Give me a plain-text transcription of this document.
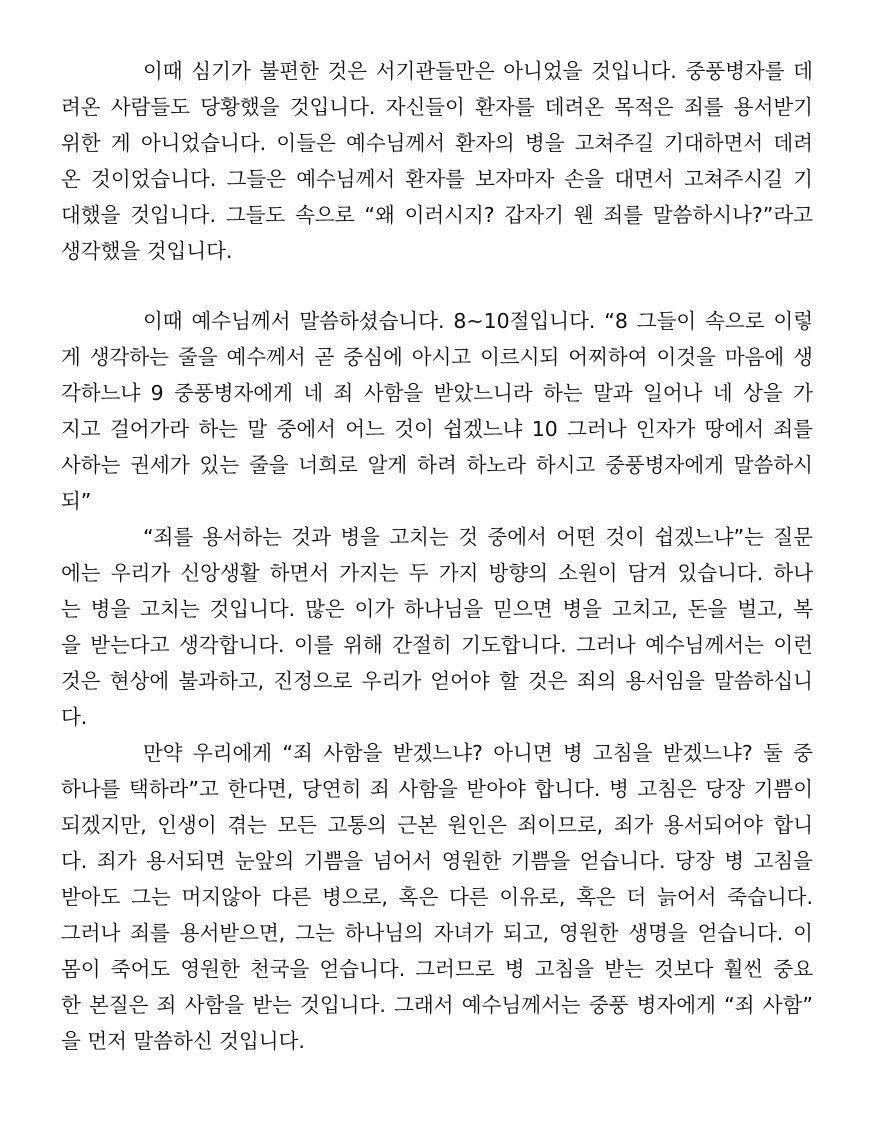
이때 심기가 불편한 것은 서기관들만은 아니었을 것입니다. 중풍병자를 데
려온 사람들도 당황했을 것입니다. 자신들이 환자를 데려온 목적은 죄를 용서받기
위한 게 아니었습니다. 이들은 예수님께서 환자의 병을 고쳐주길 기대하면서 데려
온 것이었습니다. 그들은 예수님께서 환자를 보자마자 손을 대면서 고쳐주시길 기
대했을 것입니다. 그들도 속으로 “왜 이러시지? 갑자기 웬 죄를 말씀하시나?”라고
생각했을 것입니다.
이때 예수님께서 말씀하셨습니다. 8~10절입니다. “8 그들이 속으로 이렇
게 생각하는 줄을 예수께서 곧 중심에 아시고 이르시되 어찌하여 이것을 마음에 생
각하느냐 9 중풍병자에게 네 죄 사함을 받았느니라 하는 말과 일어나 네 상을 가
지고 걸어가라 하는 말 중에서 어느 것이 쉽겠느냐 10 그러나 인자가 땅에서 죄를
사하는 권세가 있는 줄을 너희로 알게 하려 하노라 하시고 중풍병자에게 말씀하시
되”
“죄를 용서하는 것과 병을 고치는 것 중에서 어떤 것이 쉽겠느냐”는 질문
에는 우리가 신앙생활 하면서 가지는 두 가지 방향의 소원이 담겨 있습니다. 하나
는 병을 고치는 것입니다. 많은 이가 하나님을 믿으면 병을 고치고, 돈을 벌고, 복
을 받는다고 생각합니다. 이를 위해 간절히 기도합니다. 그러나 예수님께서는 이런
것은 현상에 불과하고, 진정으로 우리가 얻어야 할 것은 죄의 용서임을 말씀하십니
다.
만약 우리에게 “죄 사함을 받겠느냐? 아니면 병 고침을 받겠느냐? 둘 중
하나를 택하라”고 한다면, 당연히 죄 사함을 받아야 합니다. 병 고침은 당장 기쁨이
되겠지만, 인생이 겪는 모든 고통의 근본 원인은 죄이므로, 죄가 용서되어야 합니
다. 죄가 용서되면 눈앞의 기쁨을 넘어서 영원한 기쁨을 얻습니다. 당장 병 고침을
받아도 그는 머지않아 다른 병으로, 혹은 다른 이유로, 혹은 더 늙어서 죽습니다.
그러나 죄를 용서받으면, 그는 하나님의 자녀가 되고, 영원한 생명을 얻습니다. 이
몸이 죽어도 영원한 천국을 얻습니다. 그러므로 병 고침을 받는 것보다 훨씬 중요
한 본질은 죄 사함을 받는 것입니다. 그래서 예수님께서는 중풍 병자에게 “죄 사함”
을 먼저 말씀하신 것입니다.
